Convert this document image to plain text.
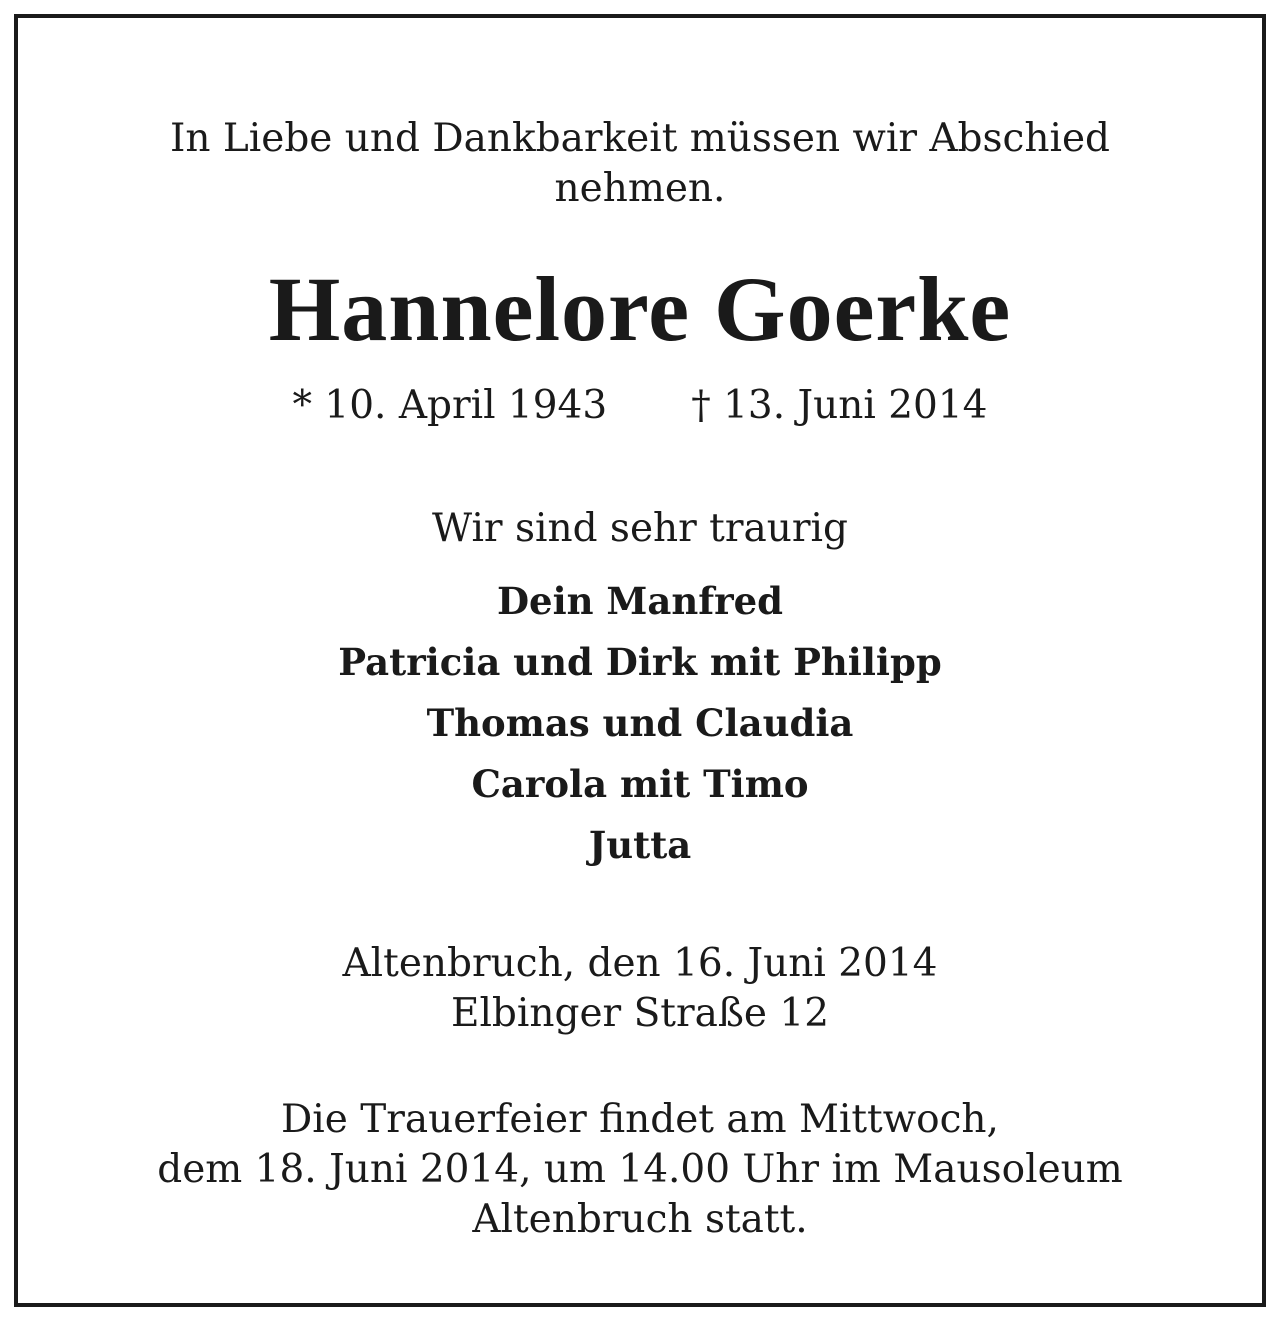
In Liebe und Dankbarkeit müssen wir Abschied nehmen.

Hannelore Goerke

* 10. April 1943 † 13. Juni 2014

Wir sind sehr traurig

Dein Manfred
Patricia und Dirk mit Philipp
Thomas und Claudia
Carola mit Timo
Jutta

Altenbruch, den 16. Juni 2014

Elbinger Straße 12

Die Trauerfeier findet am Mittwoch,
dem 18. Juni 2014, um 14.00 Uhr im Mausoleum
Altenbruch statt.
